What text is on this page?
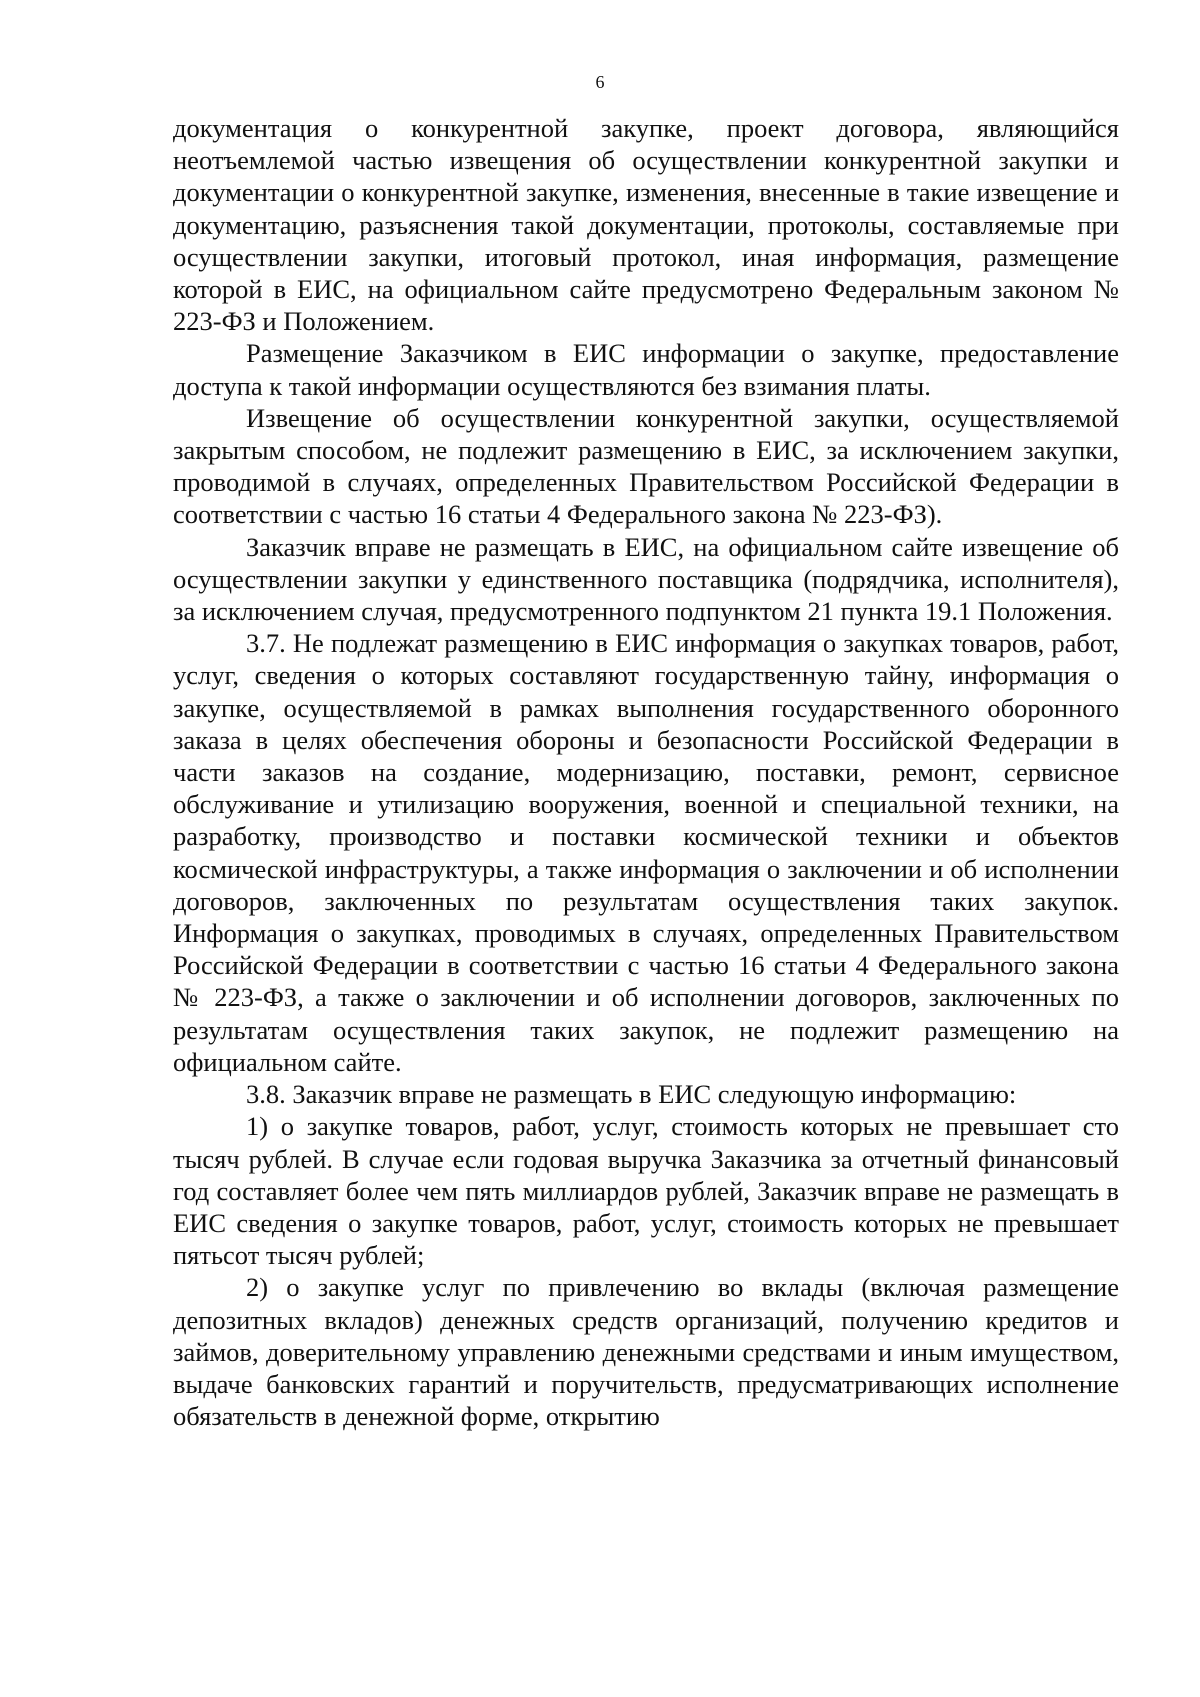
6

документация о конкурентной закупке, проект договора, являющийся неотъемлемой частью извещения об осуществлении конкурентной закупки и документации о конкурентной закупке, изменения, внесенные в такие извещение и документацию, разъяснения такой документации, протоколы, составляемые при осуществлении закупки, итоговый протокол, иная информация, размещение которой в ЕИС, на официальном сайте предусмотрено Федеральным законом № 223-ФЗ и Положением.

Размещение Заказчиком в ЕИС информации о закупке, предоставление доступа к такой информации осуществляются без взимания платы.

Извещение об осуществлении конкурентной закупки, осуществляемой закрытым способом, не подлежит размещению в ЕИС, за исключением закупки, проводимой в случаях, определенных Правительством Российской Федерации в соответствии с частью 16 статьи 4 Федерального закона № 223-ФЗ).

Заказчик вправе не размещать в ЕИС, на официальном сайте извещение об осуществлении закупки у единственного поставщика (подрядчика, исполнителя), за исключением случая, предусмотренного подпунктом 21 пункта 19.1 Положения.

3.7. Не подлежат размещению в ЕИС информация о закупках товаров, работ, услуг, сведения о которых составляют государственную тайну, информация о закупке, осуществляемой в рамках выполнения государственного оборонного заказа в целях обеспечения обороны и безопасности Российской Федерации в части заказов на создание, модернизацию, поставки, ремонт, сервисное обслуживание и утилизацию вооружения, военной и специальной техники, на разработку, производство и поставки космической техники и объектов космической инфраструктуры, а также информация о заключении и об исполнении договоров, заключенных по результатам осуществления таких закупок. Информация о закупках, проводимых в случаях, определенных Правительством Российской Федерации в соответствии с частью 16 статьи 4 Федерального закона № 223-ФЗ, а также о заключении и об исполнении договоров, заключенных по результатам осуществления таких закупок, не подлежит размещению на официальном сайте.

3.8. Заказчик вправе не размещать в ЕИС следующую информацию:

1) о закупке товаров, работ, услуг, стоимость которых не превышает сто тысяч рублей. В случае если годовая выручка Заказчика за отчетный финансовый год составляет более чем пять миллиардов рублей, Заказчик вправе не размещать в ЕИС сведения о закупке товаров, работ, услуг, стоимость которых не превышает пятьсот тысяч рублей;

2) о закупке услуг по привлечению во вклады (включая размещение депозитных вкладов) денежных средств организаций, получению кредитов и займов, доверительному управлению денежными средствами и иным имуществом, выдаче банковских гарантий и поручительств, предусматривающих исполнение обязательств в денежной форме, открытию
